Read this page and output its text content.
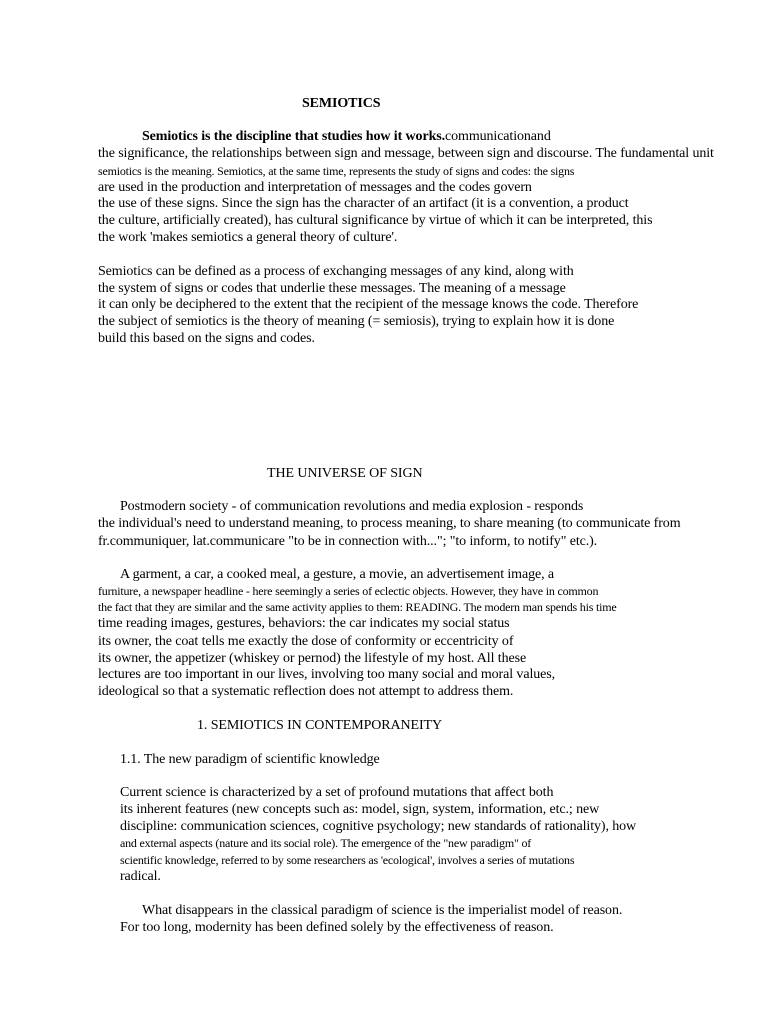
SEMIOTICS
Semiotics is the discipline that studies how it works.communicationand
the significance, the relationships between sign and message, between sign and discourse. The fundamental unit
semiotics is the meaning. Semiotics, at the same time, represents the study of signs and codes: the signs
are used in the production and interpretation of messages and the codes govern
the use of these signs. Since the sign has the character of an artifact (it is a convention, a product
the culture, artificially created), has cultural significance by virtue of which it can be interpreted, this
the work 'makes semiotics a general theory of culture'.
Semiotics can be defined as a process of exchanging messages of any kind, along with
the system of signs or codes that underlie these messages. The meaning of a message
it can only be deciphered to the extent that the recipient of the message knows the code. Therefore
the subject of semiotics is the theory of meaning (= semiosis), trying to explain how it is done
build this based on the signs and codes.
THE UNIVERSE OF SIGN
Postmodern society - of communication revolutions and media explosion - responds
the individual's need to understand meaning, to process meaning, to share meaning (to communicate from
fr.communiquer, lat.communicare "to be in connection with..."; "to inform, to notify" etc.).
A garment, a car, a cooked meal, a gesture, a movie, an advertisement image, a
furniture, a newspaper headline - here seemingly a series of eclectic objects. However, they have in common
the fact that they are similar and the same activity applies to them: READING. The modern man spends his time
time reading images, gestures, behaviors: the car indicates my social status
its owner, the coat tells me exactly the dose of conformity or eccentricity of
its owner, the appetizer (whiskey or pernod) the lifestyle of my host. All these
lectures are too important in our lives, involving too many social and moral values,
ideological so that a systematic reflection does not attempt to address them.
1. SEMIOTICS IN CONTEMPORANEITY
1.1. The new paradigm of scientific knowledge
Current science is characterized by a set of profound mutations that affect both
its inherent features (new concepts such as: model, sign, system, information, etc.; new
discipline: communication sciences, cognitive psychology; new standards of rationality), how
and external aspects (nature and its social role). The emergence of the "new paradigm" of
scientific knowledge, referred to by some researchers as 'ecological', involves a series of mutations
radical.
What disappears in the classical paradigm of science is the imperialist model of reason.
For too long, modernity has been defined solely by the effectiveness of reason.
